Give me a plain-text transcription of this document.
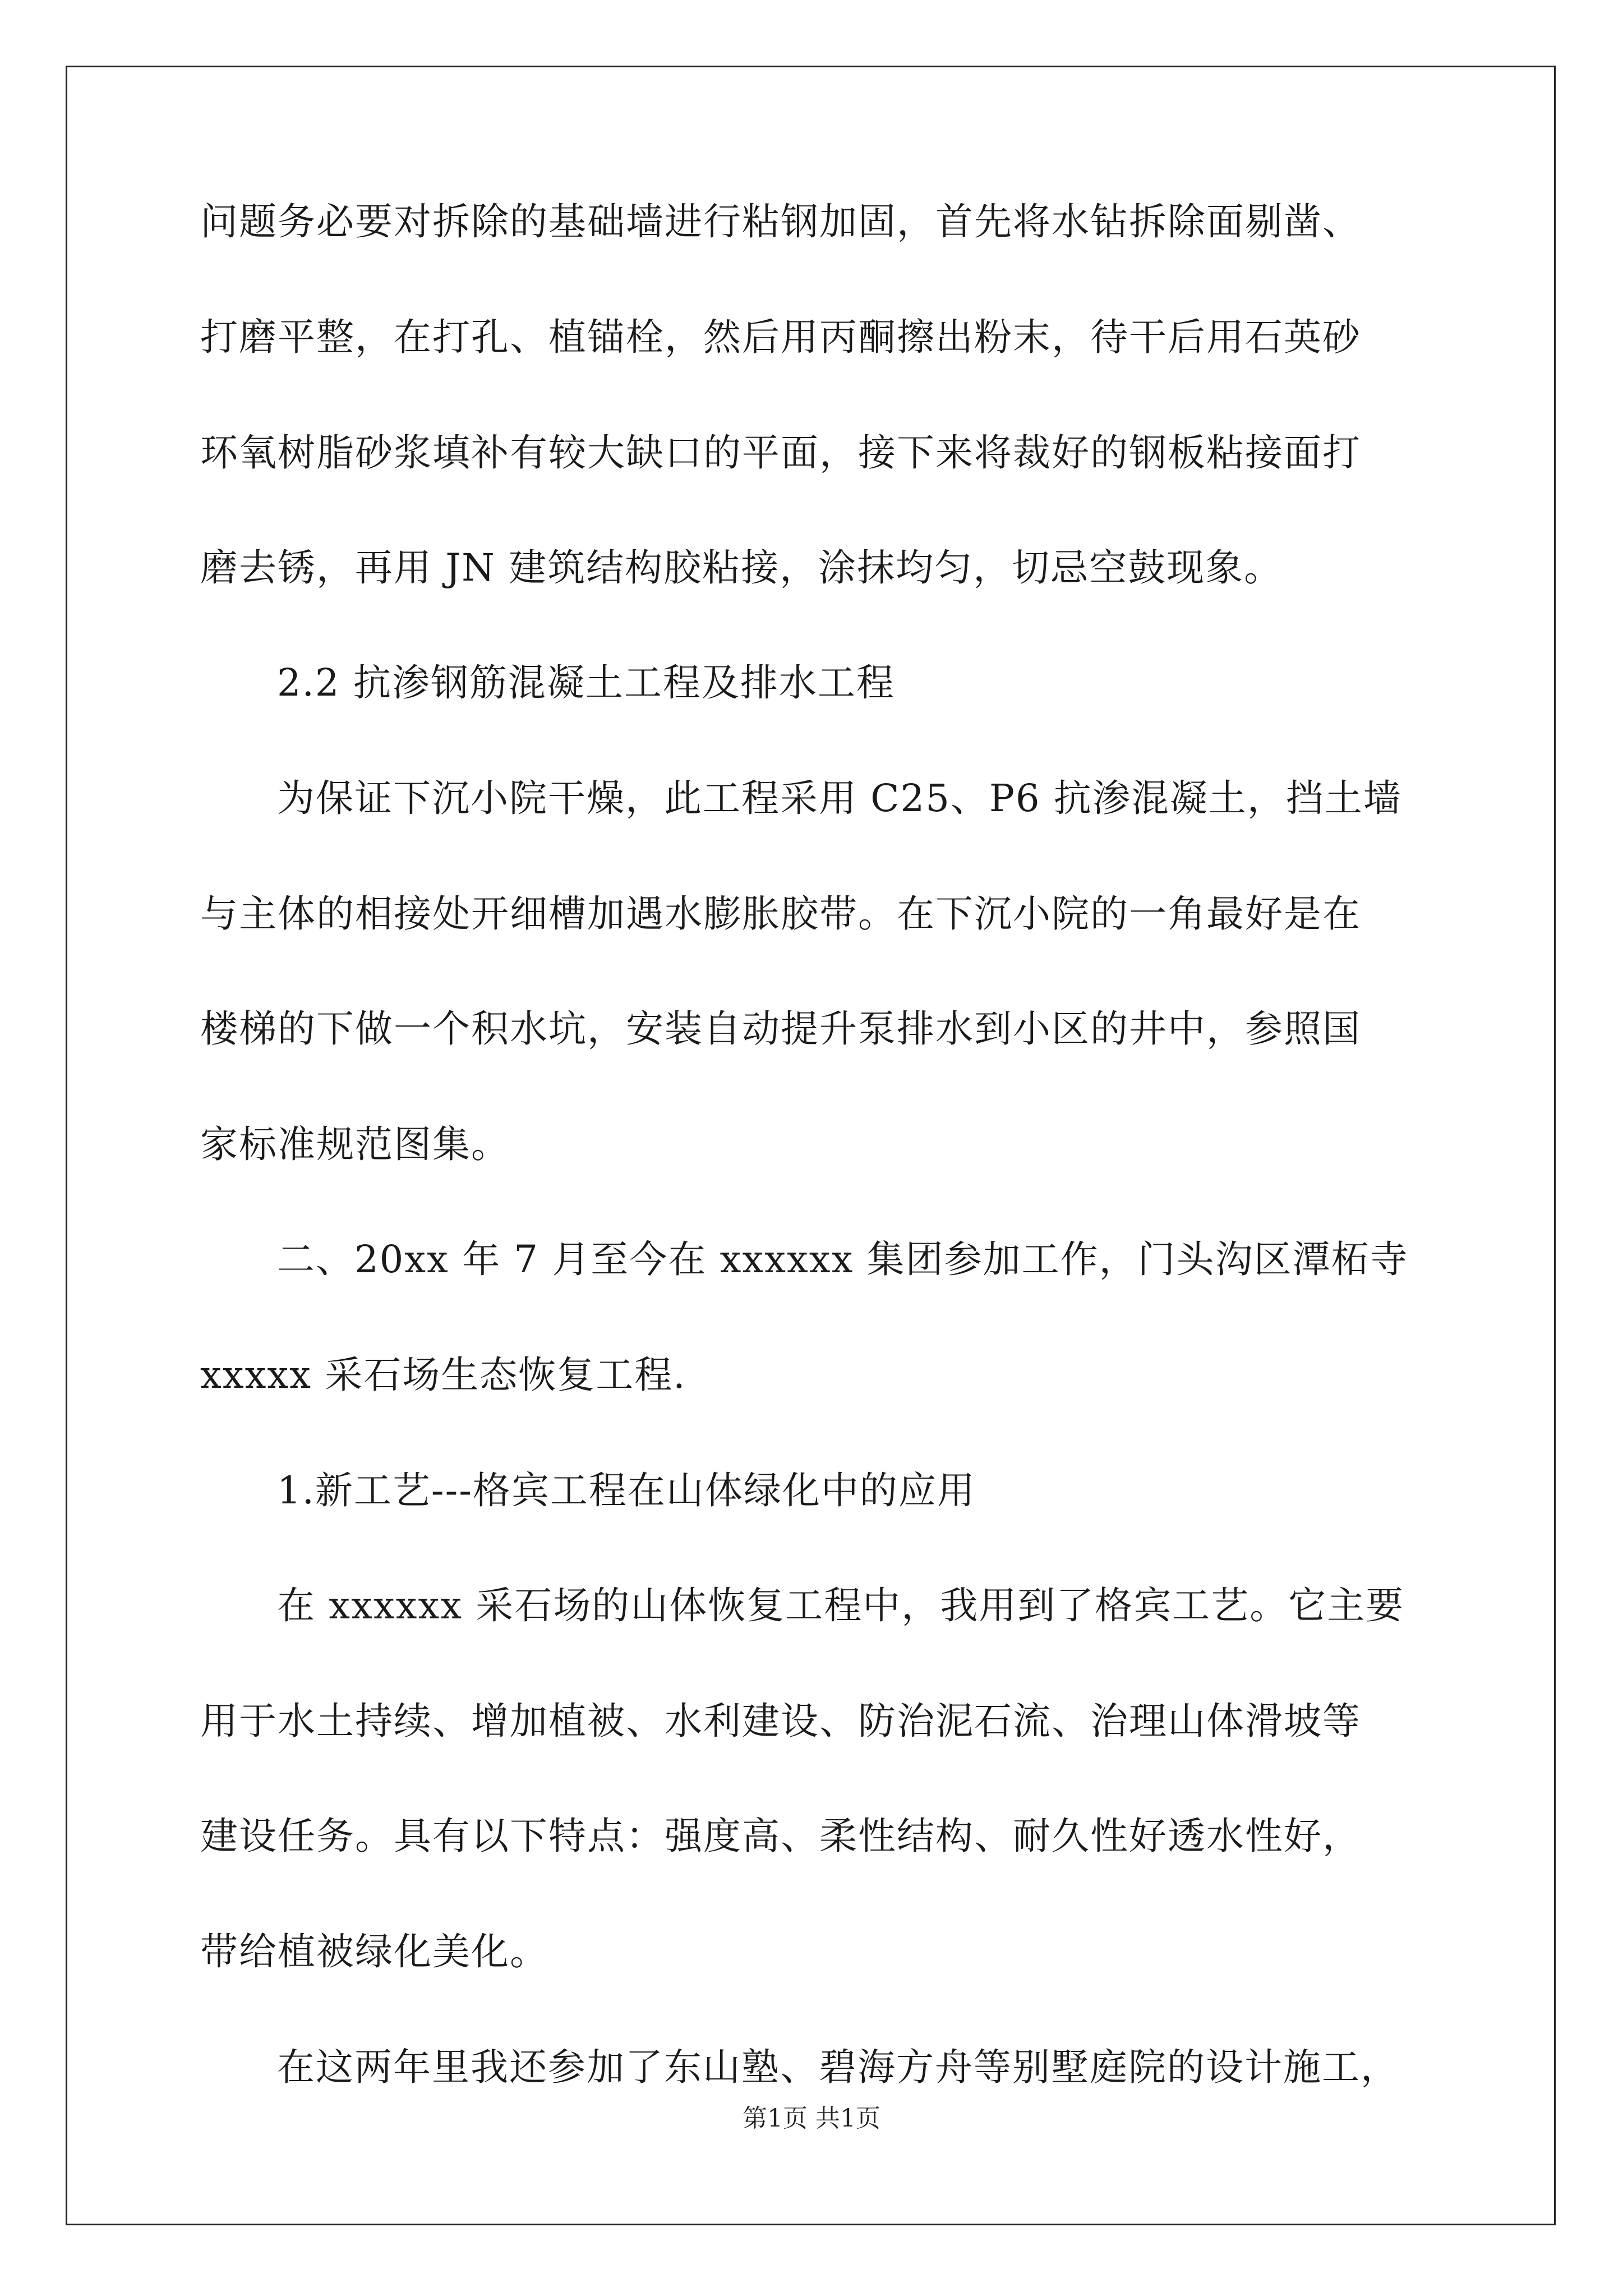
问题务必要对拆除的基础墙进行粘钢加固，首先将水钻拆除面剔凿、
打磨平整，在打孔、植锚栓，然后用丙酮擦出粉末，待干后用石英砂
环氧树脂砂浆填补有较大缺口的平面，接下来将裁好的钢板粘接面打
磨去锈，再用 JN 建筑结构胶粘接，涂抹均匀，切忌空鼓现象。
2.2 抗渗钢筋混凝土工程及排水工程
为保证下沉小院干燥，此工程采用 C25、P6 抗渗混凝土，挡土墙
与主体的相接处开细槽加遇水膨胀胶带。在下沉小院的一角最好是在
楼梯的下做一个积水坑，安装自动提升泵排水到小区的井中，参照国
家标准规范图集。
二、20xx 年 7 月至今在 xxxxxx 集团参加工作，门头沟区潭柘寺
xxxxx 采石场生态恢复工程.
1.新工艺---格宾工程在山体绿化中的应用
在 xxxxxx 采石场的山体恢复工程中，我用到了格宾工艺。它主要
用于水土持续、增加植被、水利建设、防治泥石流、治理山体滑坡等
建设任务。具有以下特点：强度高、柔性结构、耐久性好透水性好，
带给植被绿化美化。
在这两年里我还参加了东山塾、碧海方舟等别墅庭院的设计施工，
第1页 共1页
